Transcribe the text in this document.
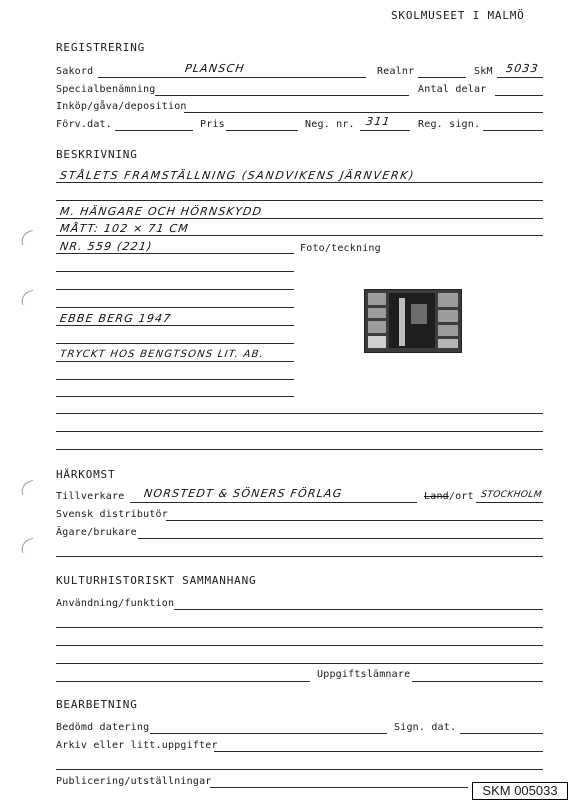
SKOLMUSEET I MALMÖ
REGISTRERING
Sakord	PLANSCH	Realnr	SkM 5033
Specialbenämning	Antal delar
Inköp/gåva/deposition
Förv.dat.	Pris	Neg. nr. 311	Reg. sign.
BESKRIVNING
STÅLETS FRAMSTÄLLNING (SANDVIKENS JÄRNVERK)
M. HÄNGARE OCH HÖRNSKYDD
MÅTT: 102 × 71 CM
NR. 559 (221)	Foto/teckning
EBBE BERG 1947
TRYCKT HOS BENGTSONS LIT. AB.
HÄRKOMST
Tillverkare NORSTEDT & SÖNERS FÖRLAG	Land/ort STOCKHOLM
Svensk distributör
Ägare/brukare
KULTURHISTORISKT SAMMANHANG
Användning/funktion
Uppgiftslämnare
BEARBETNING
Bedömd datering	Sign. dat.
Arkiv eller litt.uppgifter
Publicering/utställningar
SKM 005033
